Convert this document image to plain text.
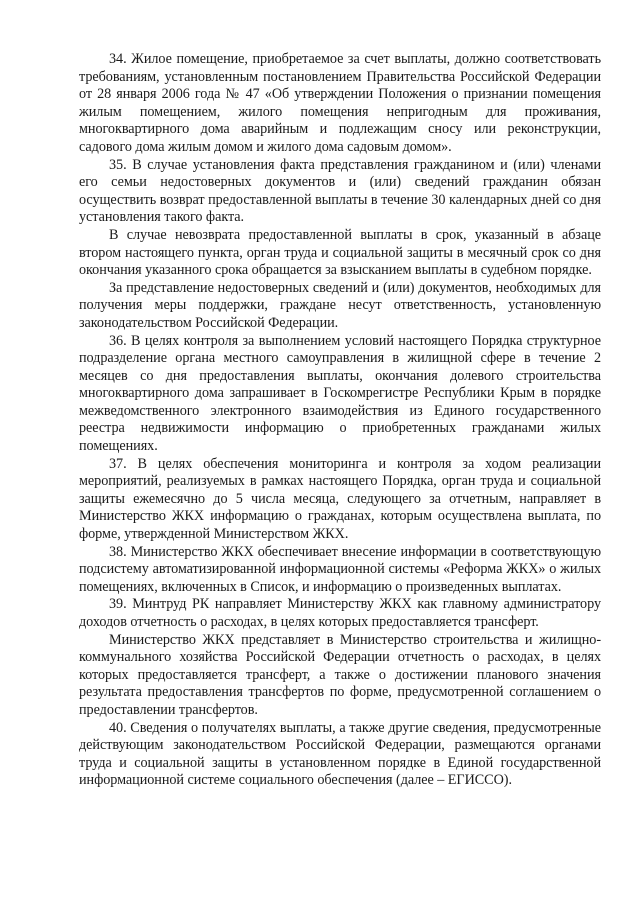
34. Жилое помещение, приобретаемое за счет выплаты, должно соответствовать требованиям, установленным постановлением Правительства Российской Федерации от 28 января 2006 года № 47 «Об утверждении Положения о признании помещения жилым помещением, жилого помещения непригодным для проживания, многоквартирного дома аварийным и подлежащим сносу или реконструкции, садового дома жилым домом и жилого дома садовым домом».

35. В случае установления факта представления гражданином и (или) членами его семьи недостоверных документов и (или) сведений гражданин обязан осуществить возврат предоставленной выплаты в течение 30 календарных дней со дня установления такого факта.

В случае невозврата предоставленной выплаты в срок, указанный в абзаце втором настоящего пункта, орган труда и социальной защиты в месячный срок со дня окончания указанного срока обращается за взысканием выплаты в судебном порядке.

За представление недостоверных сведений и (или) документов, необходимых для получения меры поддержки, граждане несут ответственность, установленную законодательством Российской Федерации.

36. В целях контроля за выполнением условий настоящего Порядка структурное подразделение органа местного самоуправления в жилищной сфере в течение 2 месяцев со дня предоставления выплаты, окончания долевого строительства многоквартирного дома запрашивает в Госкомрегистре Республики Крым в порядке межведомственного электронного взаимодействия из Единого государственного реестра недвижимости информацию о приобретенных гражданами жилых помещениях.

37. В целях обеспечения мониторинга и контроля за ходом реализации мероприятий, реализуемых в рамках настоящего Порядка, орган труда и социальной защиты ежемесячно до 5 числа месяца, следующего за отчетным, направляет в Министерство ЖКХ информацию о гражданах, которым осуществлена выплата, по форме, утвержденной Министерством ЖКХ.

38. Министерство ЖКХ обеспечивает внесение информации в соответствующую подсистему автоматизированной информационной системы «Реформа ЖКХ» о жилых помещениях, включенных в Список, и информацию о произведенных выплатах.

39. Минтруд РК направляет Министерству ЖКХ как главному администратору доходов отчетность о расходах, в целях которых предоставляется трансферт.

Министерство ЖКХ представляет в Министерство строительства и жилищно-коммунального хозяйства Российской Федерации отчетность о расходах, в целях которых предоставляется трансферт, а также о достижении планового значения результата предоставления трансфертов по форме, предусмотренной соглашением о предоставлении трансфертов.

40. Сведения о получателях выплаты, а также другие сведения, предусмотренные действующим законодательством Российской Федерации, размещаются органами труда и социальной защиты в установленном порядке в Единой государственной информационной системе социального обеспечения (далее – ЕГИССО).
